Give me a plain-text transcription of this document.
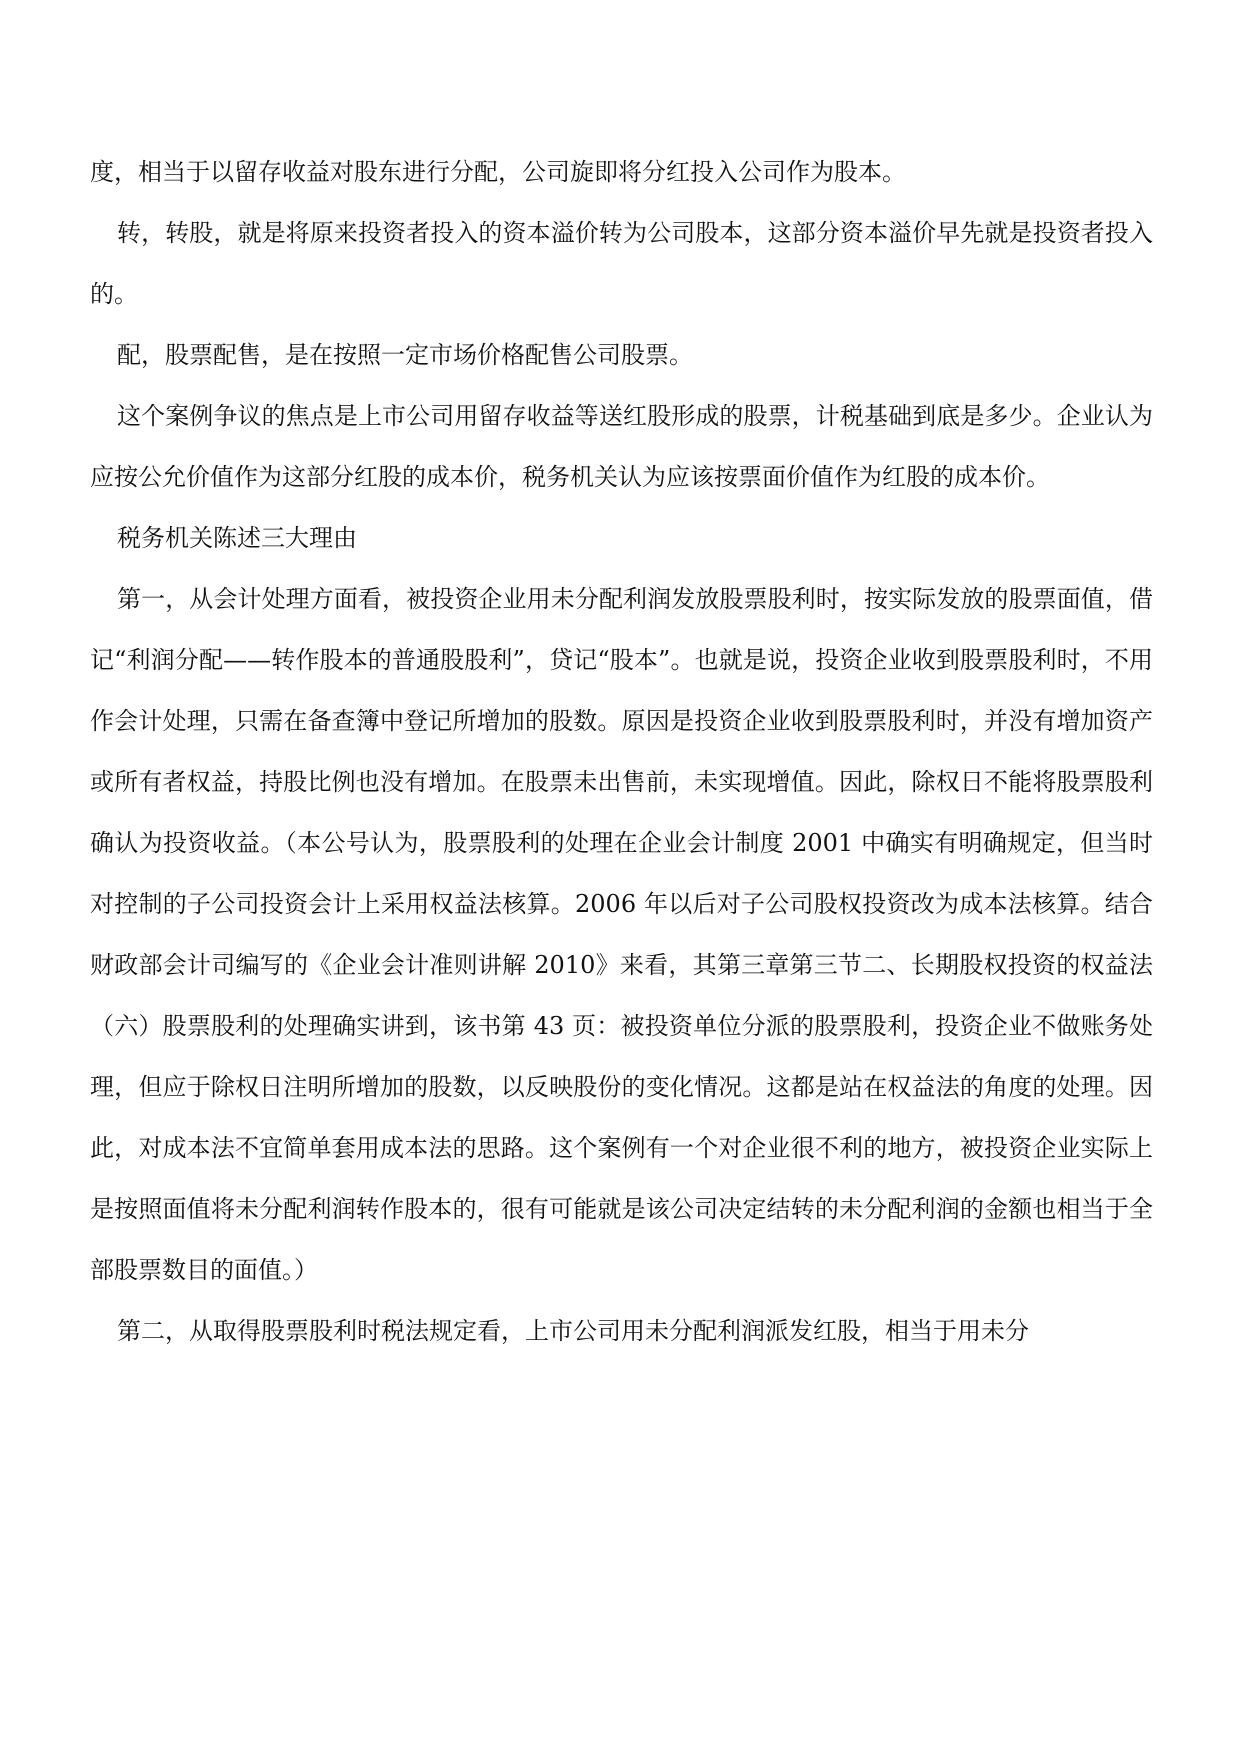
度，相当于以留存收益对股东进行分配，公司旋即将分红投入公司作为股本。

转，转股，就是将原来投资者投入的资本溢价转为公司股本，这部分资本溢价早先就是投资者投入的。

配，股票配售，是在按照一定市场价格配售公司股票。

这个案例争议的焦点是上市公司用留存收益等送红股形成的股票，计税基础到底是多少。企业认为应按公允价值作为这部分红股的成本价，税务机关认为应该按票面价值作为红股的成本价。

税务机关陈述三大理由

第一，从会计处理方面看，被投资企业用未分配利润发放股票股利时，按实际发放的股票面值，借记“利润分配——转作股本的普通股股利”，贷记“股本”。也就是说，投资企业收到股票股利时，不用作会计处理，只需在备查簿中登记所增加的股数。原因是投资企业收到股票股利时，并没有增加资产或所有者权益，持股比例也没有增加。在股票未出售前，未实现增值。因此，除权日不能将股票股利确认为投资收益。（本公号认为，股票股利的处理在企业会计制度 2001 中确实有明确规定，但当时对控制的子公司投资会计上采用权益法核算。2006 年以后对子公司股权投资改为成本法核算。结合财政部会计司编写的《企业会计准则讲解 2010》来看，其第三章第三节二、长期股权投资的权益法（六）股票股利的处理确实讲到，该书第 43 页：被投资单位分派的股票股利，投资企业不做账务处理，但应于除权日注明所增加的股数，以反映股份的变化情况。这都是站在权益法的角度的处理。因此，对成本法不宜简单套用成本法的思路。这个案例有一个对企业很不利的地方，被投资企业实际上是按照面值将未分配利润转作股本的，很有可能就是该公司决定结转的未分配利润的金额也相当于全部股票数目的面值。）

第二，从取得股票股利时税法规定看，上市公司用未分配利润派发红股，相当于用未分
